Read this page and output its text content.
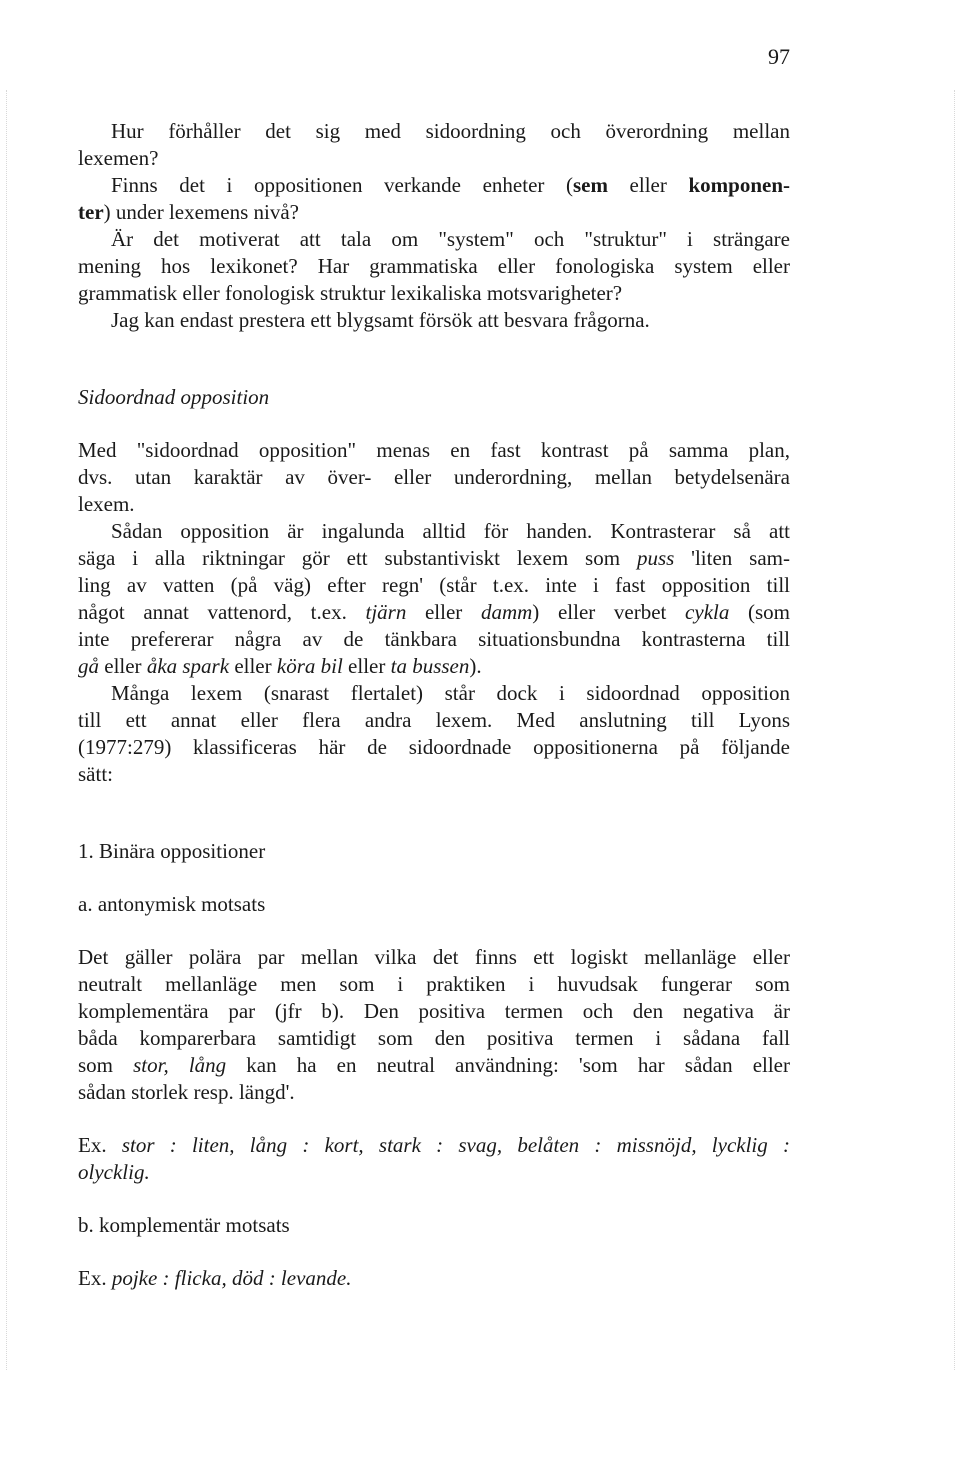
97
Hur förhåller det sig med sidoordning och överordning mellan
lexemen?
Finns det i oppositionen verkande enheter (sem eller komponen-
ter) under lexemens nivå?
Är det motiverat att tala om "system" och "struktur" i strängare
mening hos lexikonet? Har grammatiska eller fonologiska system eller
grammatisk eller fonologisk struktur lexikaliska motsvarigheter?
Jag kan endast prestera ett blygsamt försök att besvara frågorna.
Sidoordnad opposition
Med "sidoordnad opposition" menas en fast kontrast på samma plan,
dvs. utan karaktär av över- eller underordning, mellan betydelsenära
lexem.
Sådan opposition är ingalunda alltid för handen. Kontrasterar så att
säga i alla riktningar gör ett substantiviskt lexem som puss 'liten sam-
ling av vatten (på väg) efter regn' (står t.ex. inte i fast opposition till
något annat vattenord, t.ex. tjärn eller damm) eller verbet cykla (som
inte prefererar några av de tänkbara situationsbundna kontrasterna till
gå eller åka spark eller köra bil eller ta bussen).
Många lexem (snarast flertalet) står dock i sidoordnad opposition
till ett annat eller flera andra lexem. Med anslutning till Lyons
(1977:279) klassificeras här de sidoordnade oppositionerna på följande
sätt:
1. Binära oppositioner
a. antonymisk motsats
Det gäller polära par mellan vilka det finns ett logiskt mellanläge eller
neutralt mellanläge men som i praktiken i huvudsak fungerar som
komplementära par (jfr b). Den positiva termen och den negativa är
båda komparerbara samtidigt som den positiva termen i sådana fall
som stor, lång kan ha en neutral användning: 'som har sådan eller
sådan storlek resp. längd'.
Ex. stor : liten, lång : kort, stark : svag, belåten : missnöjd, lycklig :
olycklig.
b. komplementär motsats
Ex. pojke : flicka, död : levande.
